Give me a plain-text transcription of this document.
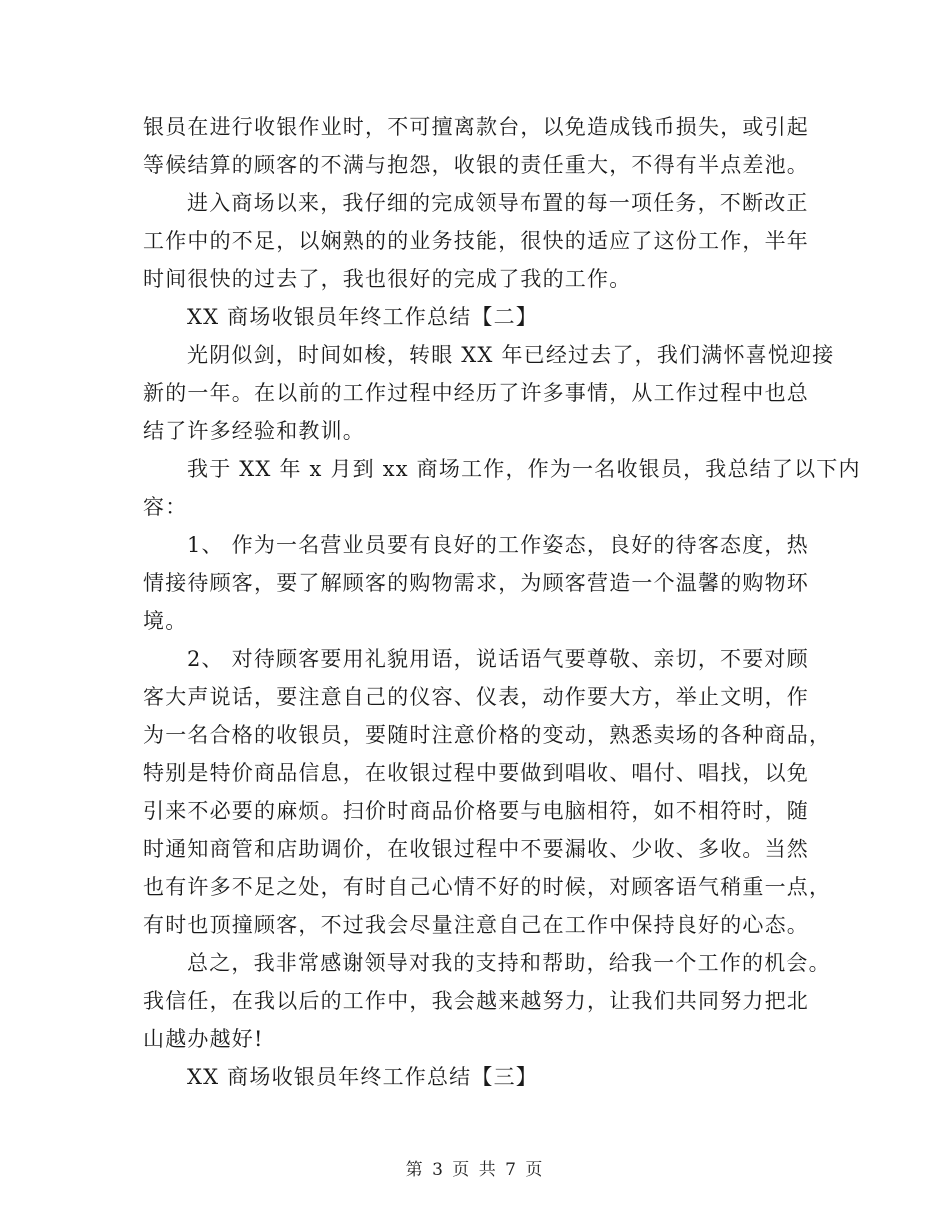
银员在进行收银作业时，不可擅离款台，以免造成钱币损失，或引起
等候结算的顾客的不满与抱怨，收银的责任重大，不得有半点差池。
进入商场以来，我仔细的完成领导布置的每一项任务，不断改正
工作中的不足，以娴熟的的业务技能，很快的适应了这份工作，半年
时间很快的过去了，我也很好的完成了我的工作。
XX 商场收银员年终工作总结【二】
光阴似剑，时间如梭，转眼 XX 年已经过去了，我们满怀喜悦迎接
新的一年。在以前的工作过程中经历了许多事情，从工作过程中也总
结了许多经验和教训。
我于 XX 年 x 月到 xx 商场工作，作为一名收银员，我总结了以下内
容：
1、 作为一名营业员要有良好的工作姿态，良好的待客态度，热
情接待顾客，要了解顾客的购物需求，为顾客营造一个温馨的购物环
境。
2、 对待顾客要用礼貌用语，说话语气要尊敬、亲切，不要对顾
客大声说话，要注意自己的仪容、仪表，动作要大方，举止文明，作
为一名合格的收银员，要随时注意价格的变动，熟悉卖场的各种商品，
特别是特价商品信息，在收银过程中要做到唱收、唱付、唱找，以免
引来不必要的麻烦。扫价时商品价格要与电脑相符，如不相符时，随
时通知商管和店助调价，在收银过程中不要漏收、少收、多收。当然
也有许多不足之处，有时自己心情不好的时候，对顾客语气稍重一点，
有时也顶撞顾客，不过我会尽量注意自己在工作中保持良好的心态。
总之，我非常感谢领导对我的支持和帮助，给我一个工作的机会。
我信任，在我以后的工作中，我会越来越努力，让我们共同努力把北
山越办越好!
XX 商场收银员年终工作总结【三】
第 3 页 共 7 页
